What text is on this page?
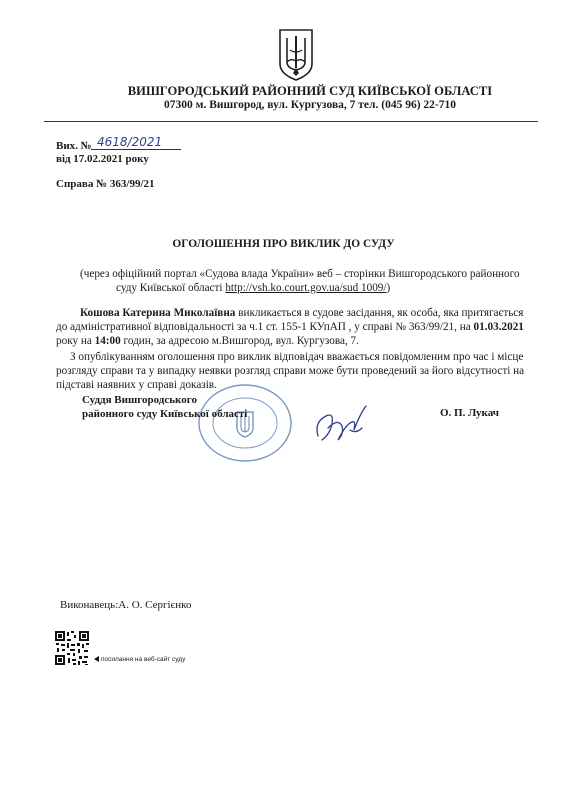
ВИШГОРОДСЬКИЙ РАЙОННИЙ СУД КИЇВСЬКОЇ ОБЛАСТІ
07300 м. Вишгород, вул. Кургузова, 7 тел. (045 96) 22-710
Вих. № 4618/2021
від 17.02.2021 року
Справа № 363/99/21
ОГОЛОШЕННЯ ПРО ВИКЛИК ДО СУДУ
(через офіційний портал «Судова влада України» веб – сторінки Вишгородського районного
суду Київської області http://vsh.ko.court.gov.ua/sud 1009/)
Кошова Катерина Миколаївна викликається в судове засідання, як особа, яка притягається
до адміністративної відповідальності за ч.1 ст. 155-1 КУпАП , у справі № 363/99/21, на 01.03.2021
року на 14:00 годин, за адресою м.Вишгород, вул. Кургузова, 7.
З опублікуванням оголошення про виклик відповідач вважається повідомленим про час і місце
розгляду справи та у випадку неявки розгляд справи може бути проведений за його відсутності на
підставі наявних у справі доказів.
Суддя Вишгородського
районного суду Київської області	О. П. Лукач
Виконавець:А. О. Сергієнко
посилання на веб-сайт суду
